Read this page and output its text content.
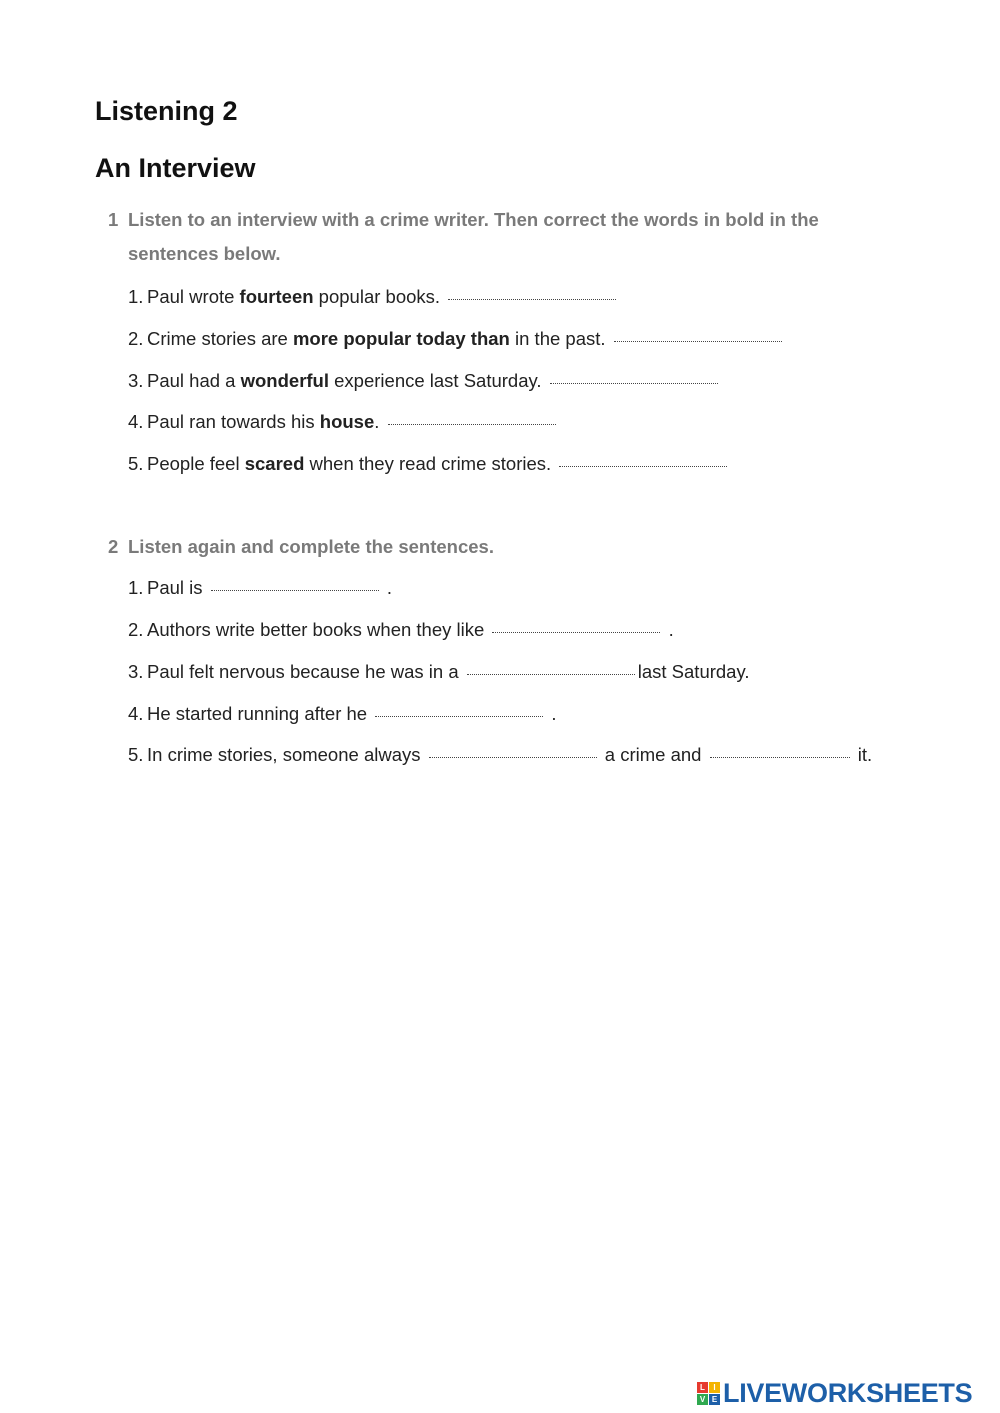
Listening 2
An Interview
1 Listen to an interview with a crime writer. Then correct the words in bold in the sentences below.
1. Paul wrote fourteen popular books.
2. Crime stories are more popular today than in the past.
3. Paul had a wonderful experience last Saturday.
4. Paul ran towards his house.
5. People feel scared when they read crime stories.
2 Listen again and complete the sentences.
1. Paul is	.
2. Authors write better books when they like	.
3. Paul felt nervous because he was in a	last Saturday.
4. He started running after he	.
5. In crime stories, someone always	a crime and	it.
L	I
V E LIVEWORKSHEETS
